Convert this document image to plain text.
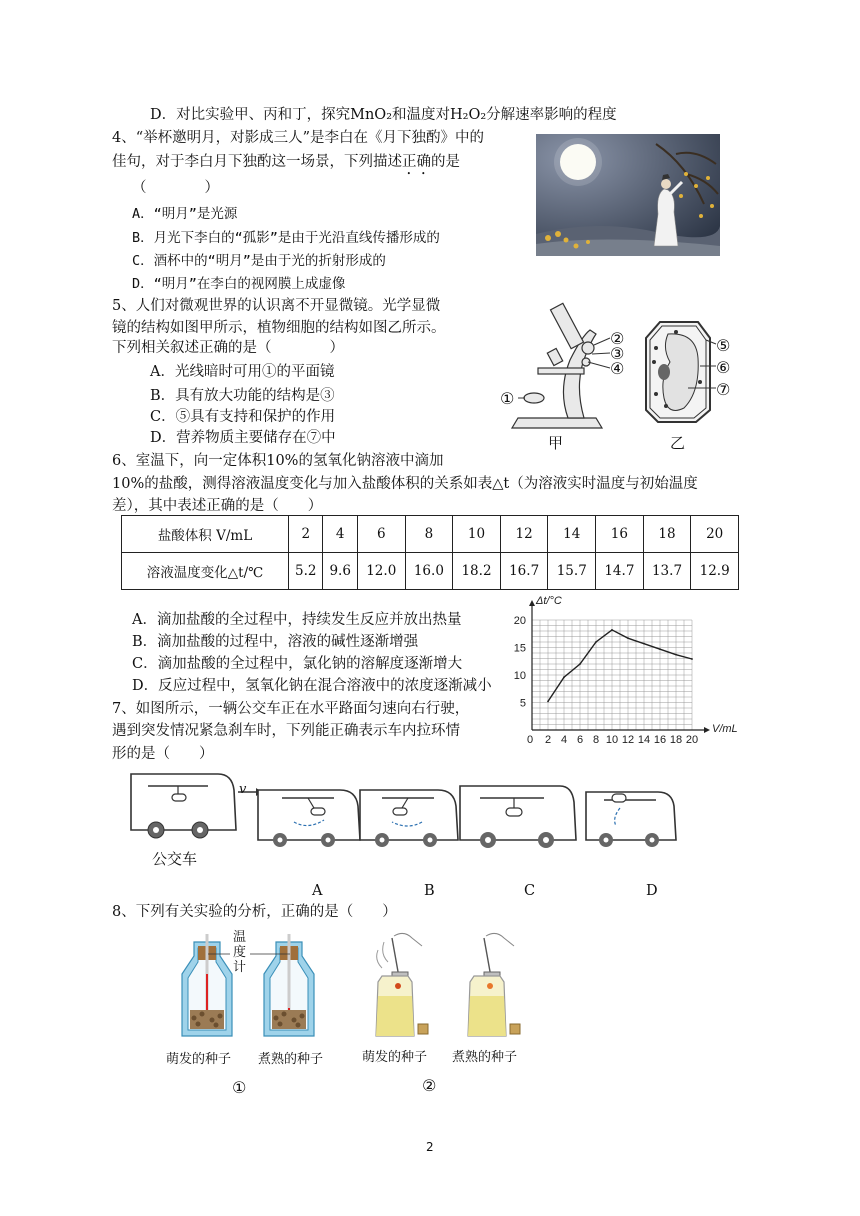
D．对比实验甲、丙和丁，探究MnO₂和温度对H₂O₂分解速率影响的程度
4、“举杯邀明月，对影成三人”是李白在《月下独酌》中的
佳句，对于李白月下独酌这一场景，下列描述正确的是
（　　　　）
A．“明月”是光源
B．月光下李白的“孤影”是由于光沿直线传播形成的
C．酒杯中的“明月”是由于光的折射形成的
D．“明月”在李白的视网膜上成虚像
5、人们对微观世界的认识离不开显微镜。光学显微
镜的结构如图甲所示，植物细胞的结构如图乙所示。
下列相关叙述正确的是（　　　　）
A．光线暗时可用①的平面镜
B．具有放大功能的结构是③
C．⑤具有支持和保护的作用
D．营养物质主要储存在⑦中
①
②
③
④
甲
⑤
⑥
⑦
乙
6、室温下，向一定体积10%的氢氧化钠溶液中滴加
10%的盐酸，测得溶液温度变化与加入盐酸体积的关系如表△t（为溶液实时温度与初始温度
差），其中表述正确的是（　　）
盐酸体积 V/mL	2	4	6	8	10	12	14	16	18	20
溶液温度变化△t/℃	5.2	9.6	12.0	16.0	18.2	16.7	15.7	14.7	13.7	12.9
A．滴加盐酸的全过程中，持续发生反应并放出热量
B．滴加盐酸的过程中，溶液的碱性逐渐增强
C．滴加盐酸的全过程中，氯化钠的溶解度逐渐增大
D．反应过程中，氢氧化钠在混合溶液中的浓度逐渐减小
0 2 4 6 8 10 12 14 16 18 20
5
10
15
20
V/mL
Δt/°C
7、如图所示，一辆公交车正在水平路面匀速向右行驶，
遇到突发情况紧急刹车时，下列能正确表示车内拉环情
形的是（　　）
v
公交车
A	B	C	D
8、下列有关实验的分析，正确的是（　　）
温
度
计
萌发的种子 煮熟的种子
①
萌发的种子 煮熟的种子
②
2
